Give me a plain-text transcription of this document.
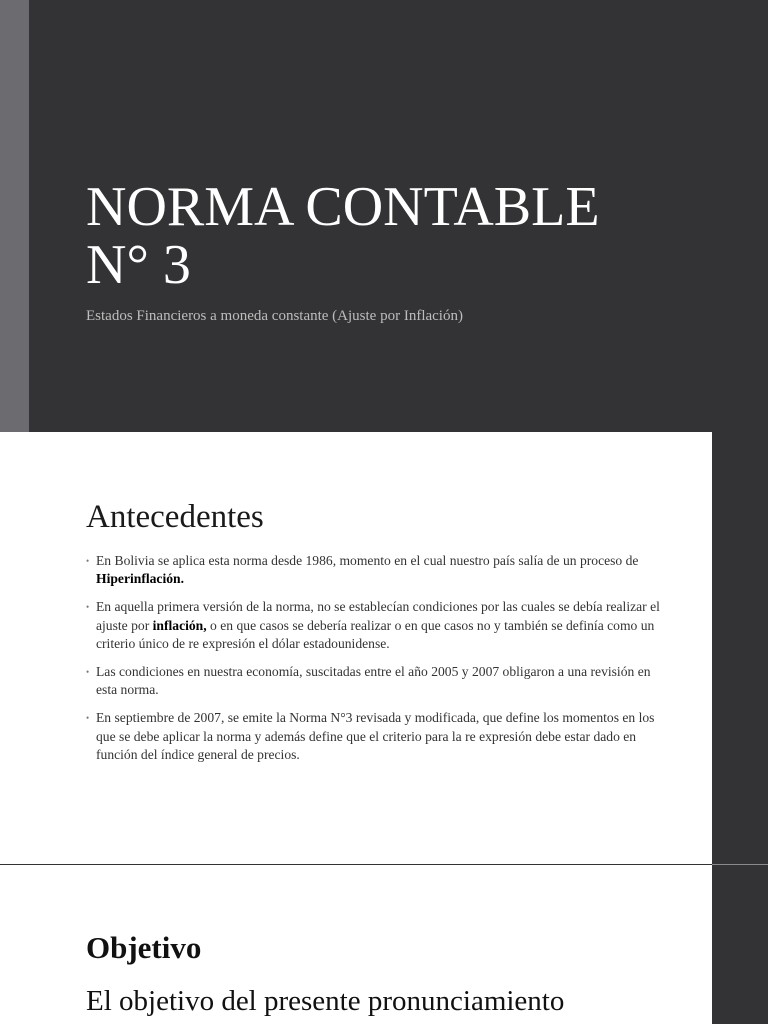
NORMA CONTABLE
N° 3

Estados Financieros a moneda constante (Ajuste por Inflación)

Antecedentes
• En Bolivia se aplica esta norma desde 1986, momento en el cual nuestro país salía de un proceso de Hiperinflación.
• En aquella primera versión de la norma, no se establecían condiciones por las cuales se debía realizar el ajuste por inflación, o en que casos se debería realizar o en que casos no y también se definía como un criterio único de re expresión el dólar estadounidense.
• Las condiciones en nuestra economía, suscitadas entre el año 2005 y 2007 obligaron a una revisión en esta norma.
• En septiembre de 2007, se emite la Norma N°3 revisada y modificada, que define los momentos en los que se debe aplicar la norma y además define que el criterio para la re expresión debe estar dado en función del índice general de precios.
Objetivo

El objetivo del presente pronunciamiento
